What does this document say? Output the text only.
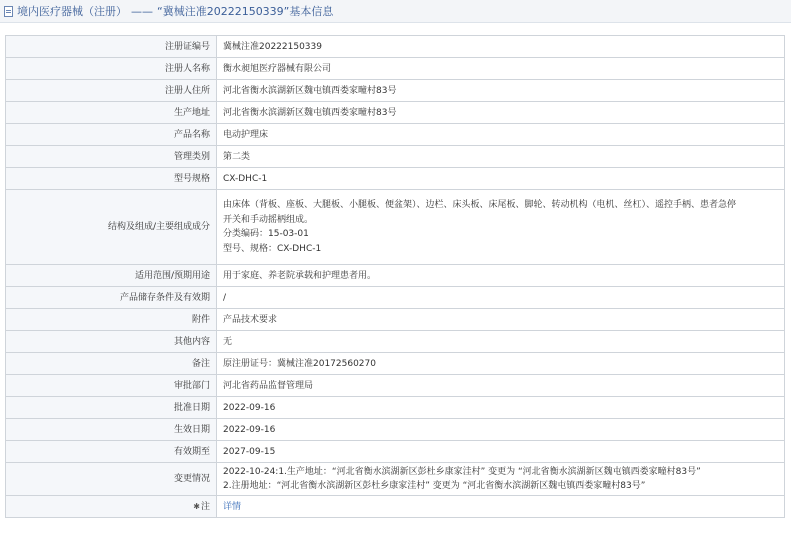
境内医疗器械（注册） —— “冀械注准20222150339”基本信息
注册证编号	冀械注准20222150339
注册人名称	衡水昶旭医疗器械有限公司
注册人住所	河北省衡水滨湖新区魏屯镇西娄家疃村83号
生产地址	河北省衡水滨湖新区魏屯镇西娄家疃村83号
产品名称	电动护理床
管理类别	第二类
型号规格	CX-DHC-1
结构及组成/主要组成成分	由床体（背板、座板、大腿板、小腿板、便盆架）、边栏、床头板、床尾板、脚轮、转动机构（电机、丝杠）、遥控手柄、患者急停
开关和手动摇柄组成。
分类编码：15-03-01
型号、规格：CX-DHC-1

适用范围/预期用途	用于家庭、养老院承载和护理患者用。
产品储存条件及有效期	/
附件	产品技术要求
其他内容	无
备注	原注册证号：冀械注准20172560270
审批部门	河北省药品监督管理局
批准日期	2022-09-16
生效日期	2022-09-16
有效期至	2027-09-15
变更情况	2022-10-24:1.生产地址：“河北省衡水滨湖新区彭杜乡康家洼村” 变更为 “河北省衡水滨湖新区魏屯镇西娄家疃村83号”
2.注册地址：“河北省衡水滨湖新区彭杜乡康家洼村” 变更为 “河北省衡水滨湖新区魏屯镇西娄家疃村83号”

✱注	详情
